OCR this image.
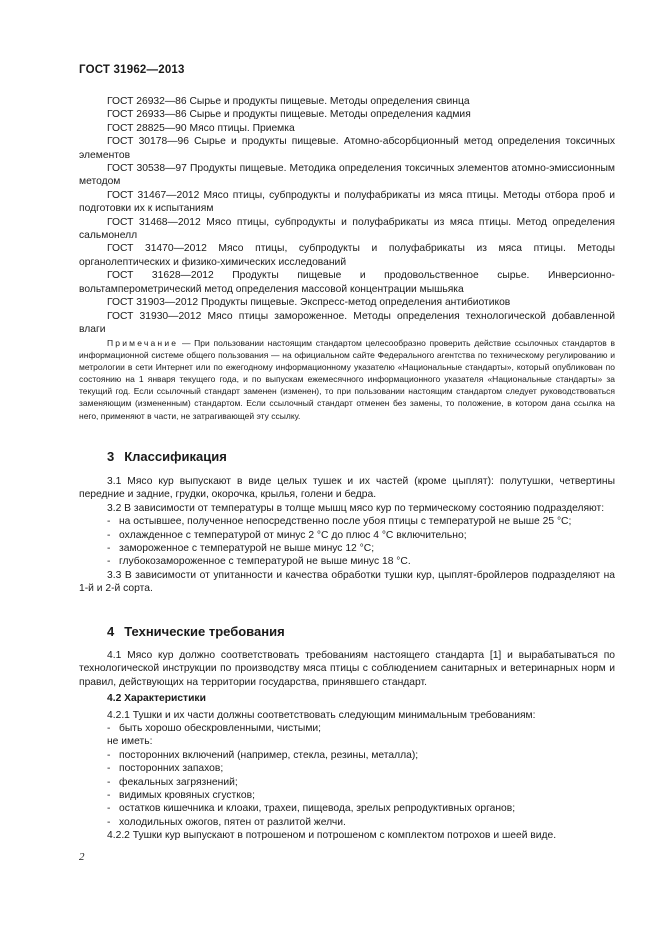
ГОСТ 31962—2013
ГОСТ 26932—86 Сырье и продукты пищевые. Методы определения свинца
ГОСТ 26933—86 Сырье и продукты пищевые. Методы определения кадмия
ГОСТ 28825—90 Мясо птицы. Приемка
ГОСТ 30178—96 Сырье и продукты пищевые. Атомно-абсорбционный метод определения токсичных элементов
ГОСТ 30538—97 Продукты пищевые. Методика определения токсичных элементов атомно-эмиссионным методом
ГОСТ 31467—2012 Мясо птицы, субпродукты и полуфабрикаты из мяса птицы. Методы отбора проб и подготовки их к испытаниям
ГОСТ 31468—2012 Мясо птицы, субпродукты и полуфабрикаты из мяса птицы. Метод определения сальмонелл
ГОСТ 31470—2012 Мясо птицы, субпродукты и полуфабрикаты из мяса птицы. Методы органолептических и физико-химических исследований
ГОСТ 31628—2012 Продукты пищевые и продовольственное сырье. Инверсионно-вольтамперометрический метод определения массовой концентрации мышьяка
ГОСТ 31903—2012 Продукты пищевые. Экспресс-метод определения антибиотиков
ГОСТ 31930—2012 Мясо птицы замороженное. Методы определения технологической добавленной влаги
Примечание — При пользовании настоящим стандартом целесообразно проверить действие ссылочных стандартов в информационной системе общего пользования — на официальном сайте Федерального агентства по техническому регулированию и метрологии в сети Интернет или по ежегодному информационному указателю «Национальные стандарты», который опубликован по состоянию на 1 января текущего года, и по выпускам ежемесячного информационного указателя «Национальные стандарты» за текущий год. Если ссылочный стандарт заменен (изменен), то при пользовании настоящим стандартом следует руководствоваться заменяющим (измененным) стандартом. Если ссылочный стандарт отменен без замены, то положение, в котором дана ссылка на него, применяют в части, не затрагивающей эту ссылку.
3 Классификация
3.1 Мясо кур выпускают в виде целых тушек и их частей (кроме цыплят): полутушки, четвертины передние и задние, грудки, окорочка, крылья, голени и бедра.
3.2 В зависимости от температуры в толще мышц мясо кур по термическому состоянию подразделяют:
- на остывшее, полученное непосредственно после убоя птицы с температурой не выше 25 °С;
- охлажденное с температурой от минус 2 °С до плюс 4 °С включительно;
- замороженное с температурой не выше минус 12 °С;
- глубокозамороженное с температурой не выше минус 18 °С.
3.3 В зависимости от упитанности и качества обработки тушки кур, цыплят-бройлеров подразделяют на 1-й и 2-й сорта.
4 Технические требования
4.1 Мясо кур должно соответствовать требованиям настоящего стандарта [1] и вырабатываться по технологической инструкции по производству мяса птицы с соблюдением санитарных и ветеринарных норм и правил, действующих на территории государства, принявшего стандарт.
4.2 Характеристики
4.2.1 Тушки и их части должны соответствовать следующим минимальным требованиям:
- быть хорошо обескровленными, чистыми;
не иметь:
- посторонних включений (например, стекла, резины, металла);
- посторонних запахов;
- фекальных загрязнений;
- видимых кровяных сгустков;
- остатков кишечника и клоаки, трахеи, пищевода, зрелых репродуктивных органов;
- холодильных ожогов, пятен от разлитой желчи.
4.2.2 Тушки кур выпускают в потрошеном и потрошеном с комплектом потрохов и шеей виде.
2
